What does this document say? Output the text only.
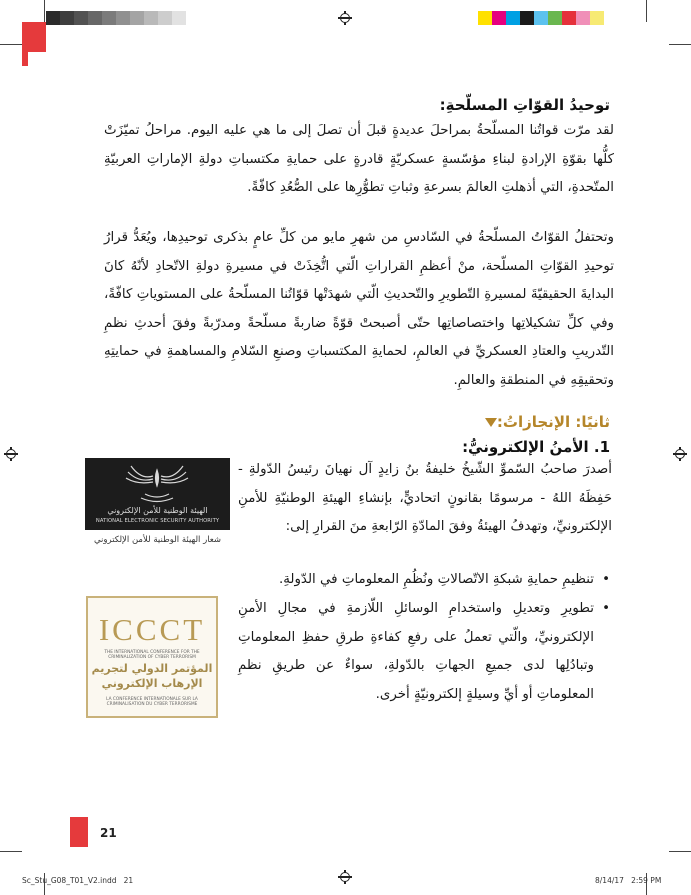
توحيدُ القوّاتِ المسلّحةِ:
لقد مرّت قواتُنا المسلّحةُ بمراحلَ عديدةٍ قبلَ أن تصلَ إلى ما هي عليه اليوم. مراحلُ تميّزَتْ كلُّها بقوّةِ الإرادةِ لبناءِ مؤسّسةٍ عسكريّةٍ قادرةٍ على حمايةِ مكتسباتِ دولةِ الإماراتِ العربيّةِ المتّحدةِ، التي أذهلتِ العالمَ بسرعةِ وثباتِ تطوُّرِها على الصُّعُدِ كافّةً.
وتحتفلُ القوّاتُ المسلّحةُ في السّادسِ من شهرِ مايو من كلِّ عامٍ بذكرى توحيدِها، ويُعَدُّ قرارُ توحيدِ القوّاتِ المسلّحة، منْ أعظمِ القراراتِ الّتي اتُّخِذَتْ في مسيرةِ دولةِ الاتّحادِ لأنّهُ كانَ البدايةَ الحقيقيّةَ لمسيرةِ التّطويرِ والتّحديثِ الّتي شهدَتْها قوّاتُنا المسلّحةُ على المستوياتِ كافّةً، وفي كلِّ تشكيلاتِها واختصاصاتِها حتّى أصبحتْ قوّةً ضاربةً مسلّحةً ومدرّبةً وفقَ أحدثِ نظمِ التّدريبِ والعتادِ العسكريِّ في العالمِ، لحمايةِ المكتسباتِ وصنعِ السّلامِ والمساهمةِ في حمايتِهِ وتحقيقِهِ في المنطقةِ والعالمِ.
ثانيًا: الإنجازاتُ:
1. الأمنُ الإلكترونيُّ:
الهيئة الوطنية للأمن الإلكتروني
NATIONAL ELECTRONIC SECURITY AUTHORITY
شعار الهيئة الوطنية للأمن الإلكتروني
أصدرَ صاحبُ السّموِّ الشّيخُ خليفةُ بنُ زايدٍ آل نهيانَ رئيسُ الدّولةِ - حَفِظَهُ اللهُ - مرسومًا بقانونٍ اتحاديٍّ، بإنشاءِ الهيئةِ الوطنيّةِ للأمنِ الإلكترونيِّ، وتهدفُ الهيئةُ وفقَ المادّةِ الرّابعةِ منَ القرارِ إلى:
• تنظيمِ حمايةِ شبكةِ الاتّصالاتِ ونُظُمِ المعلوماتِ في الدّولةِ.
• تطويرِ وتعديلِ واستخدامِ الوسائلِ اللّازمةِ في مجالِ الأمنِ الإلكترونيِّ، والّتي تعملُ على رفعِ كفاءةِ طرقِ حفظِ المعلوماتِ وتبادُلِها لدى جميعِ الجهاتِ بالدّولةِ، سواءٌ عن طريقِ نظمِ المعلوماتِ أو أيِّ وسيلةٍ إلكترونيّةٍ أخرى.
ICCCT
THE INTERNATIONAL CONFERENCE FOR THE CRIMINALIZATION OF CYBER TERRORISM
المؤتمر الدولي لتجريم
الإرهاب الإلكتروني
LA CONFERENCE INTERNATIONALE SUR LA CRIMINALISATION DU CYBER TERRORISME
21
Sc_Stu_G08_T01_V2.indd   21	8/14/17   2:59 PM
